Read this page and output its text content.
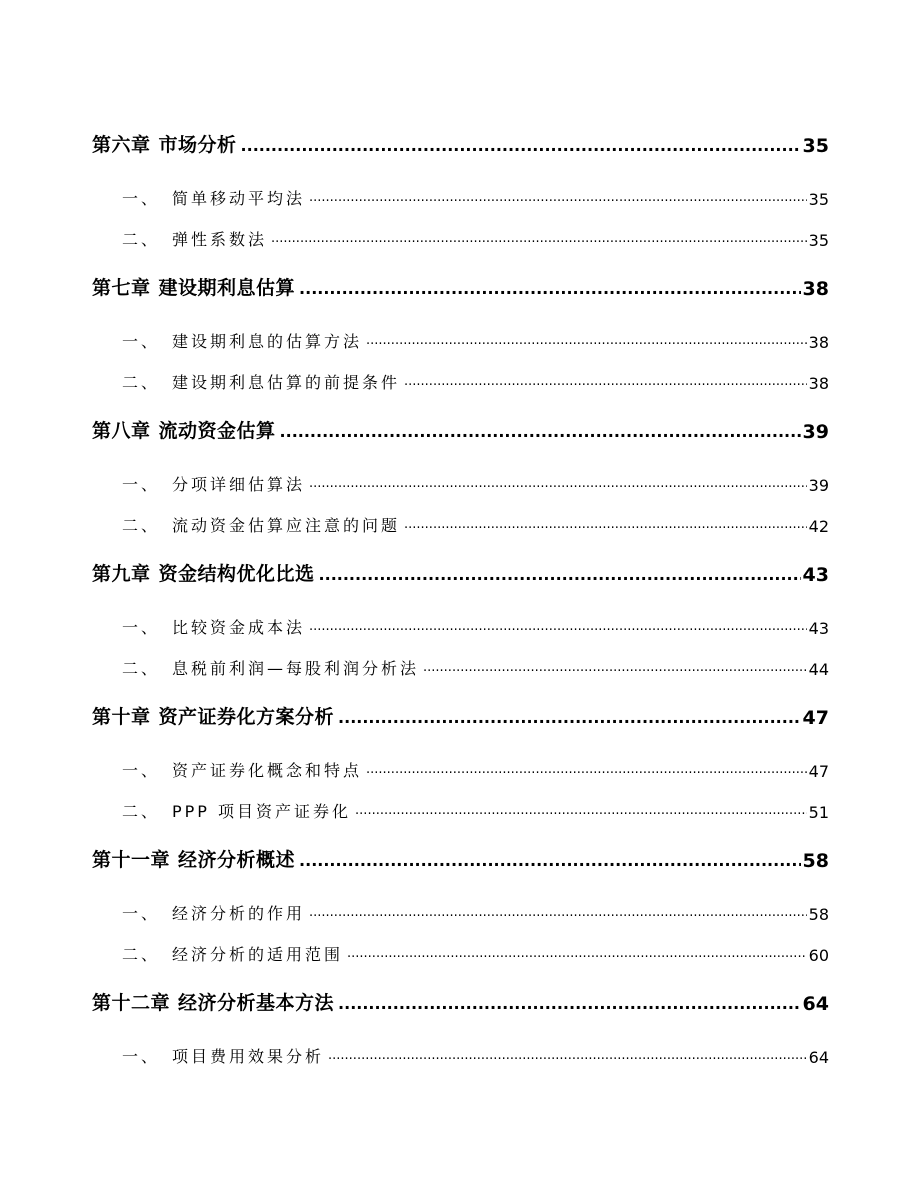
第六章 市场分析 .....	35
一、 简单移动平均法 .....	35
二、 弹性系数法 .....	35
第七章 建设期利息估算 .....	38
一、 建设期利息的估算方法 .....	38
二、 建设期利息估算的前提条件 .....	38
第八章 流动资金估算 .....	39
一、 分项详细估算法 .....	39
二、 流动资金估算应注意的问题 .....	42
第九章 资金结构优化比选 .....	43
一、 比较资金成本法 .....	43
二、 息税前利润—每股利润分析法 .....	44
第十章 资产证券化方案分析 .....	47
一、 资产证券化概念和特点 .....	47
二、 PPP 项目资产证券化 .....	51
第十一章 经济分析概述 .....	58
一、 经济分析的作用 .....	58
二、 经济分析的适用范围 .....	60
第十二章 经济分析基本方法 .....	64
一、 项目费用效果分析 .....	64
